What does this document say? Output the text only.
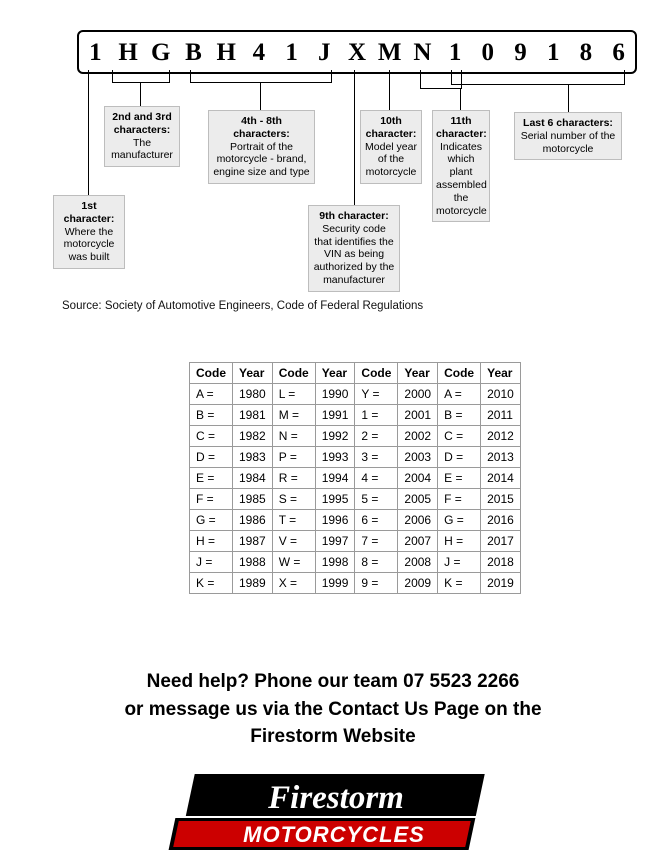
1 H G B H 4 1 J X M N 1 0 9 1 8 6
1st character:
Where the motorcycle was built
2nd and 3rd characters:
The manufacturer
4th - 8th characters:
Portrait of the motorcycle - brand, engine size and type
9th character:
Security code that identifies the VIN as being authorized by the manufacturer
10th character:
Model year of the motorcycle
11th character:
Indicates which plant assembled the motorcycle
Last 6 characters:
Serial number of the motorcycle
Source: Society of Automotive Engineers, Code of Federal Regulations
Code	Year	Code	Year	Code	Year	Code	Year
A =	1980	L =	1990	Y =	2000	A =	2010
B =	1981	M =	1991	1 =	2001	B =	2011
C =	1982	N =	1992	2 =	2002	C =	2012
D =	1983	P =	1993	3 =	2003	D =	2013
E =	1984	R =	1994	4 =	2004	E =	2014
F =	1985	S =	1995	5 =	2005	F =	2015
G =	1986	T =	1996	6 =	2006	G =	2016
H =	1987	V =	1997	7 =	2007	H =	2017
J =	1988	W =	1998	8 =	2008	J =	2018
K =	1989	X =	1999	9 =	2009	K =	2019
Need help? Phone our team 07 5523 2266
or message us via the Contact Us Page on the
Firestorm Website
Firestorm
MOTORCYCLES
